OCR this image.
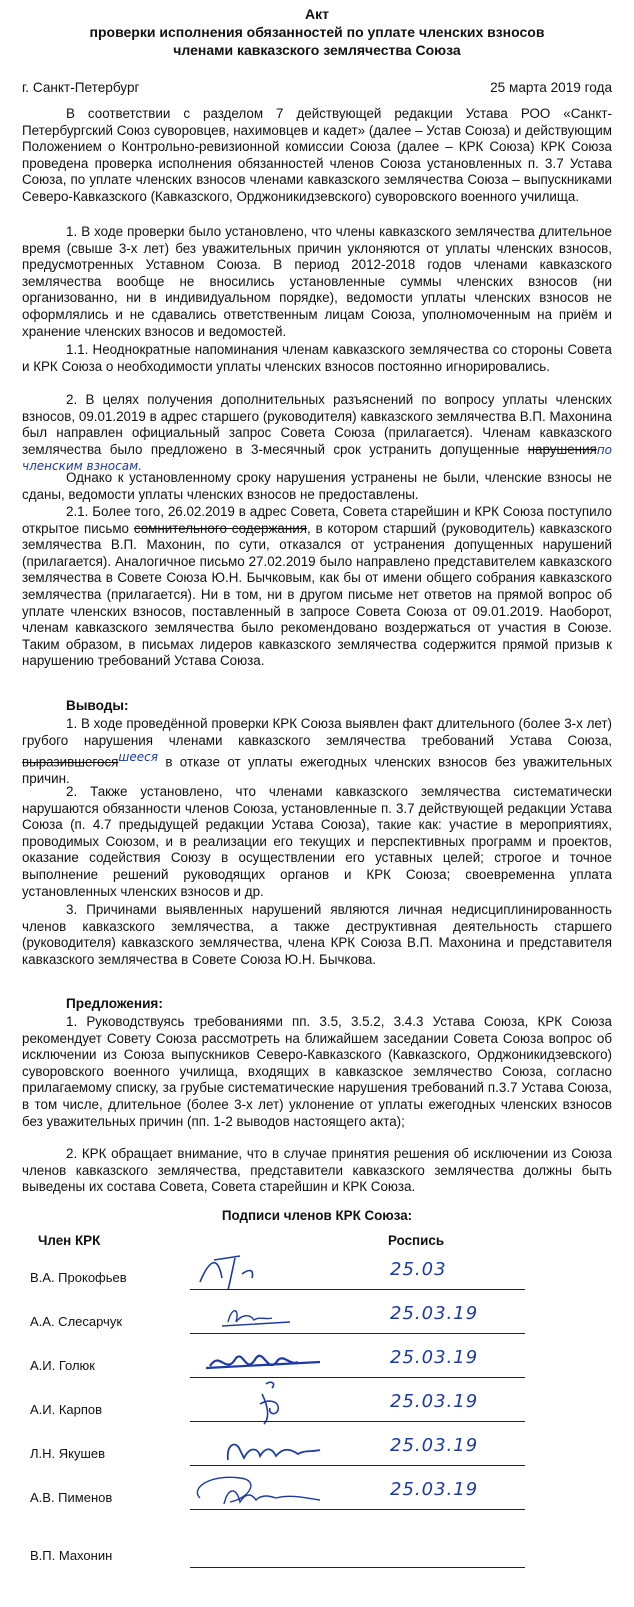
Акт
проверки исполнения обязанностей по уплате членских взносов
членами кавказского землячества Союза
г. Санкт-Петербург	25 марта 2019 года
В соответствии с разделом 7 действующей редакции Устава РОО «Санкт-Петербургский Союз суворовцев, нахимовцев и кадет» (далее – Устав Союза) и действующим Положением о Контрольно-ревизионной комиссии Союза (далее – КРК Союза) КРК Союза проведена проверка исполнения обязанностей членов Союза установленных п. 3.7 Устава Союза, по уплате членских взносов членами кавказского землячества Союза – выпускниками Северо-Кавказского (Кавказского, Орджоникидзевского) суворовского военного училища.
1. В ходе проверки было установлено, что члены кавказского землячества длительное время (свыше 3-х лет) без уважительных причин уклоняются от уплаты членских взносов, предусмотренных Уставном Союза. В период 2012-2018 годов членами кавказского землячества вообще не вносились установленные суммы членских взносов (ни организованно, ни в индивидуальном порядке), ведомости уплаты членских взносов не оформлялись и не сдавались ответственным лицам Союза, уполномоченным на приём и хранение членских взносов и ведомостей.
1.1. Неоднократные напоминания членам кавказского землячества со стороны Совета и КРК Союза о необходимости уплаты членских взносов постоянно игнорировались.
2. В целях получения дополнительных разъяснений по вопросу уплаты членских взносов, 09.01.2019 в адрес старшего (руководителя) кавказского землячества В.П. Махонина был направлен официальный запрос Совета Союза (прилагается). Членам кавказского землячества было предложено в 3-месячный срок устранить допущенные нарушенияпо членским взносам.
Однако к установленному сроку нарушения устранены не были, членские взносы не сданы, ведомости уплаты членских взносов не предоставлены.
2.1. Более того, 26.02.2019 в адрес Совета, Совета старейшин и КРК Союза поступило открытое письмо сомнительного содержания, в котором старший (руководитель) кавказского землячества В.П. Махонин, по сути, отказался от устранения допущенных нарушений (прилагается). Аналогичное письмо 27.02.2019 было направлено представителем кавказского землячества в Совете Союза Ю.Н. Бычковым, как бы от имени общего собрания кавказского землячества (прилагается). Ни в том, ни в другом письме нет ответов на прямой вопрос об уплате членских взносов, поставленный в запросе Совета Союза от 09.01.2019. Наоборот, членам кавказского землячества было рекомендовано воздержаться от участия в Союзе. Таким образом, в письмах лидеров кавказского землячества содержится прямой призыв к нарушению требований Устава Союза.
Выводы:
1. В ходе проведённой проверки КРК Союза выявлен факт длительного (более 3-х лет) грубого нарушения членами кавказского землячества требований Устава Союза, выразившегося$^{шееся}$ в отказе от уплаты ежегодных членских взносов без уважительных причин.
2. Также установлено, что членами кавказского землячества систематически нарушаются обязанности членов Союза, установленные п. 3.7 действующей редакции Устава Союза (п. 4.7 предыдущей редакции Устава Союза), такие как: участие в мероприятиях, проводимых Союзом, и в реализации его текущих и перспективных программ и проектов, оказание содействия Союзу в осуществлении его уставных целей; строгое и точное выполнение решений руководящих органов и КРК Союза; своевременна уплата установленных членских взносов и др.
3. Причинами выявленных нарушений являются личная недисциплинированность членов кавказского землячества, а также деструктивная деятельность старшего (руководителя) кавказского землячества, члена КРК Союза В.П. Махонина и представителя кавказского землячества в Совете Союза Ю.Н. Бычкова.
Предложения:
1. Руководствуясь требованиями пп. 3.5, 3.5.2, 3.4.3 Устава Союза, КРК Союза рекомендует Совету Союза рассмотреть на ближайшем заседании Совета Союза вопрос об исключении из Союза выпускников Северо-Кавказского (Кавказского, Орджоникидзевского) суворовского военного училища, входящих в кавказское землячество Союза, согласно прилагаемому списку, за грубые систематические нарушения требований п.3.7 Устава Союза, в том числе, длительное (более 3-х лет) уклонение от уплаты ежегодных членских взносов без уважительных причин (пп. 1-2 выводов настоящего акта);
2. КРК обращает внимание, что в случае принятия решения об исключении из Союза членов кавказского землячества, представители кавказского землячества должны быть выведены их состава Совета, Совета старейшин и КРК Союза.
Подписи членов КРК Союза:
Член КРК	Роспись
В.А. Прокофьев	25.03
А.А. Слесарчук	25.03.19
А.И. Голюк	25.03.19
А.И. Карпов	25.03.19
Л.Н. Якушев	25.03.19
А.В. Пименов	25.03.19
В.П. Махонин
